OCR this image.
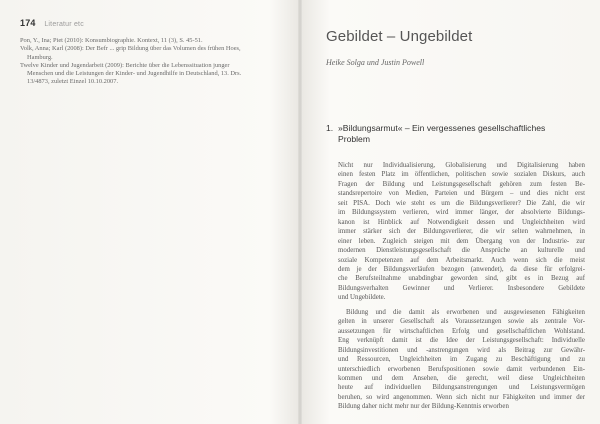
174 Literatur etc
Pon, Y., Ina; Piet (2010): Konsumbiographie. Kontext, 11 (3), S. 45-51.
Volk, Anna; Karl (2008): Der Befr ... grip Bildung über das Volumen des frühen Hoes,
Hamburg.
Twelve Kinder und Jugendarbeit (2009): Berichte über die Lebenssituation junger
Menschen und die Leistungen der Kinder- und Jugendhilfe in Deutschland, 13. Drs.
13/4873, zuletzt Einzel 10.10.2007.
Gebildet – Ungebildet
Heike Solga und Justin Powell
1. »Bildungsarmut« – Ein vergessenes gesellschaftliches
Problem
Nicht nur Individualisierung, Globalisierung und Digitalisierung haben
einen festen Platz im öffentlichen, politischen sowie sozialen Diskurs, auch
Fragen der Bildung und Leistungsgesellschaft gehören zum festen Be-
standsrepertoire von Medien, Parteien und Bürgern – und dies nicht erst
seit PISA. Doch wie steht es um die Bildungsverlierer? Die Zahl, die wir
im Bildungssystem verlieren, wird immer länger, der absolvierte Bildungs-
kanon ist Hinblick auf Notwendigkeit dessen und Ungleichheiten wird
immer stärker sich der Bildungsverlierer, die wir selten wahrnehmen, in
einer leben. Zugleich steigen mit dem Übergang von der Industrie- zur
modernen Dienstleistungsgesellschaft die Ansprüche an kulturelle und
soziale Kompetenzen auf dem Arbeitsmarkt. Auch wenn sich die meist
dem je der Bildungsverläufen bezogen (anwendet), da diese für erfolgrei-
che Berufsteilnahme unabdingbar geworden sind, gibt es in Bezug auf
Bildungsverhalten Gewinner und Verlierer. Insbesondere Gebildete
und Ungebildete.
Bildung und die damit als erworbenen und ausgewiesenen Fähigkeiten
gelten in unserer Gesellschaft als Voraussetzungen sowie als zentrale Vor-
aussetzungen für wirtschaftlichen Erfolg und gesellschaftlichen Wohlstand.
Eng verknüpft damit ist die Idee der Leistungsgesellschaft: Individuelle
Bildungsinvestitionen und -anstrengungen wird als Beitrag zur Gewähr-
und Ressourcen, Ungleichheiten im Zugang zu Beschäftigung und zu
unterschiedlich erworbenen Berufspositionen sowie damit verbundenen Ein-
kommen und dem Ansehen, die gerecht, weil diese Ungleichheiten
heute auf individuellen Bildungsanstrengungen und Leistungsvermögen
beruhen, so wird angenommen. Wenn sich nicht nur Fähigkeiten und immer der
Bildung daher nicht mehr nur der Bildung-Kenntnis erworben
